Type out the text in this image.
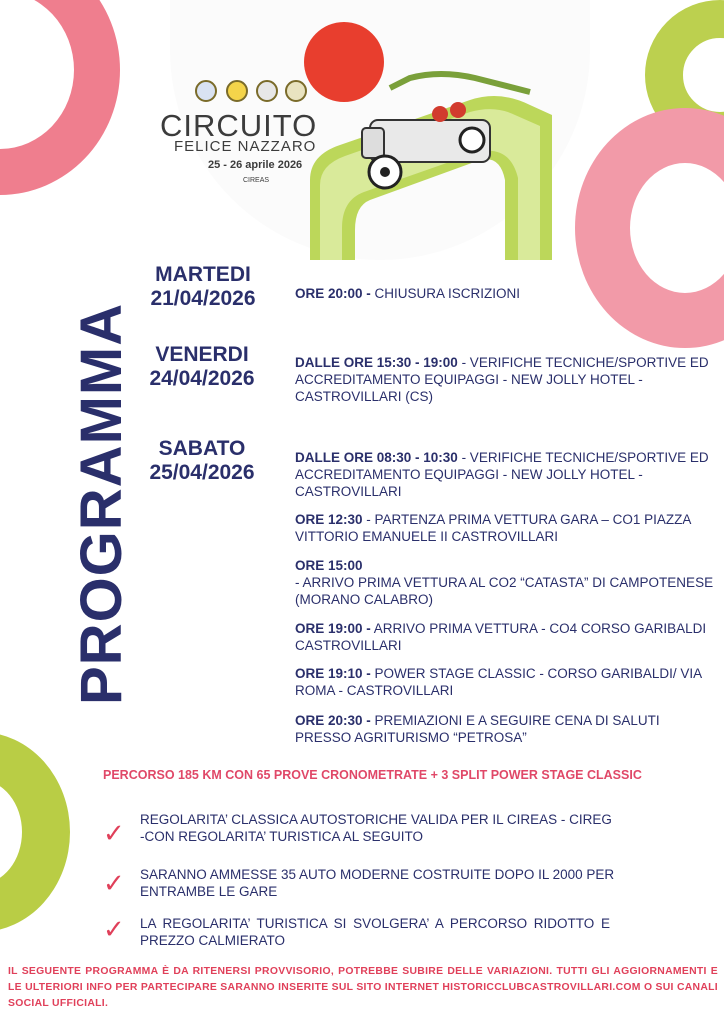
CIRCUITO
FELICE NAZZARO
25 - 26 aprile 2026
CIREAS
PROGRAMMA
MARTEDI
21/04/2026	ORE 20:00 - CHIUSURA ISCRIZIONI
VENERDI
24/04/2026
DALLE ORE 15:30 - 19:00 - VERIFICHE TECNICHE/SPORTIVE ED ACCREDITAMENTO EQUIPAGGI - NEW JOLLY HOTEL - CASTROVILLARI (CS)
SABATO
25/04/2026
DALLE ORE 08:30 - 10:30 - VERIFICHE TECNICHE/SPORTIVE ED ACCREDITAMENTO EQUIPAGGI - NEW JOLLY HOTEL - CASTROVILLARI
ORE 12:30 - PARTENZA PRIMA VETTURA GARA – CO1 PIAZZA VITTORIO EMANUELE II CASTROVILLARI
ORE 15:00
- ARRIVO PRIMA VETTURA AL CO2 “CATASTA” DI CAMPOTENESE (MORANO CALABRO)
ORE 19:00 - ARRIVO PRIMA VETTURA - CO4 CORSO GARIBALDI CASTROVILLARI
ORE 19:10 - POWER STAGE CLASSIC - CORSO GARIBALDI/ VIA ROMA - CASTROVILLARI
ORE 20:30 - PREMIAZIONI E A SEGUIRE CENA DI SALUTI PRESSO AGRITURISMO “PETROSA”
PERCORSO 185 KM CON 65 PROVE CRONOMETRATE + 3 SPLIT POWER STAGE CLASSIC
✓ REGOLARITA’ CLASSICA AUTOSTORICHE VALIDA PER IL CIREAS - CIREG -CON REGOLARITA’ TURISTICA AL SEGUITO
✓ SARANNO AMMESSE 35 AUTO MODERNE COSTRUITE DOPO IL 2000 PER ENTRAMBE LE GARE
✓ LA REGOLARITA’ TURISTICA SI SVOLGERA’ A PERCORSO RIDOTTO E PREZZO CALMIERATO
IL SEGUENTE PROGRAMMA È DA RITENERSI PROVVISORIO, POTREBBE SUBIRE DELLE VARIAZIONI. TUTTI GLI AGGIORNAMENTI E LE ULTERIORI INFO PER PARTECIPARE SARANNO INSERITE SUL SITO INTERNET HISTORICCLUBCASTROVILLARI.COM O SUI CANALI SOCIAL UFFICIALI.
